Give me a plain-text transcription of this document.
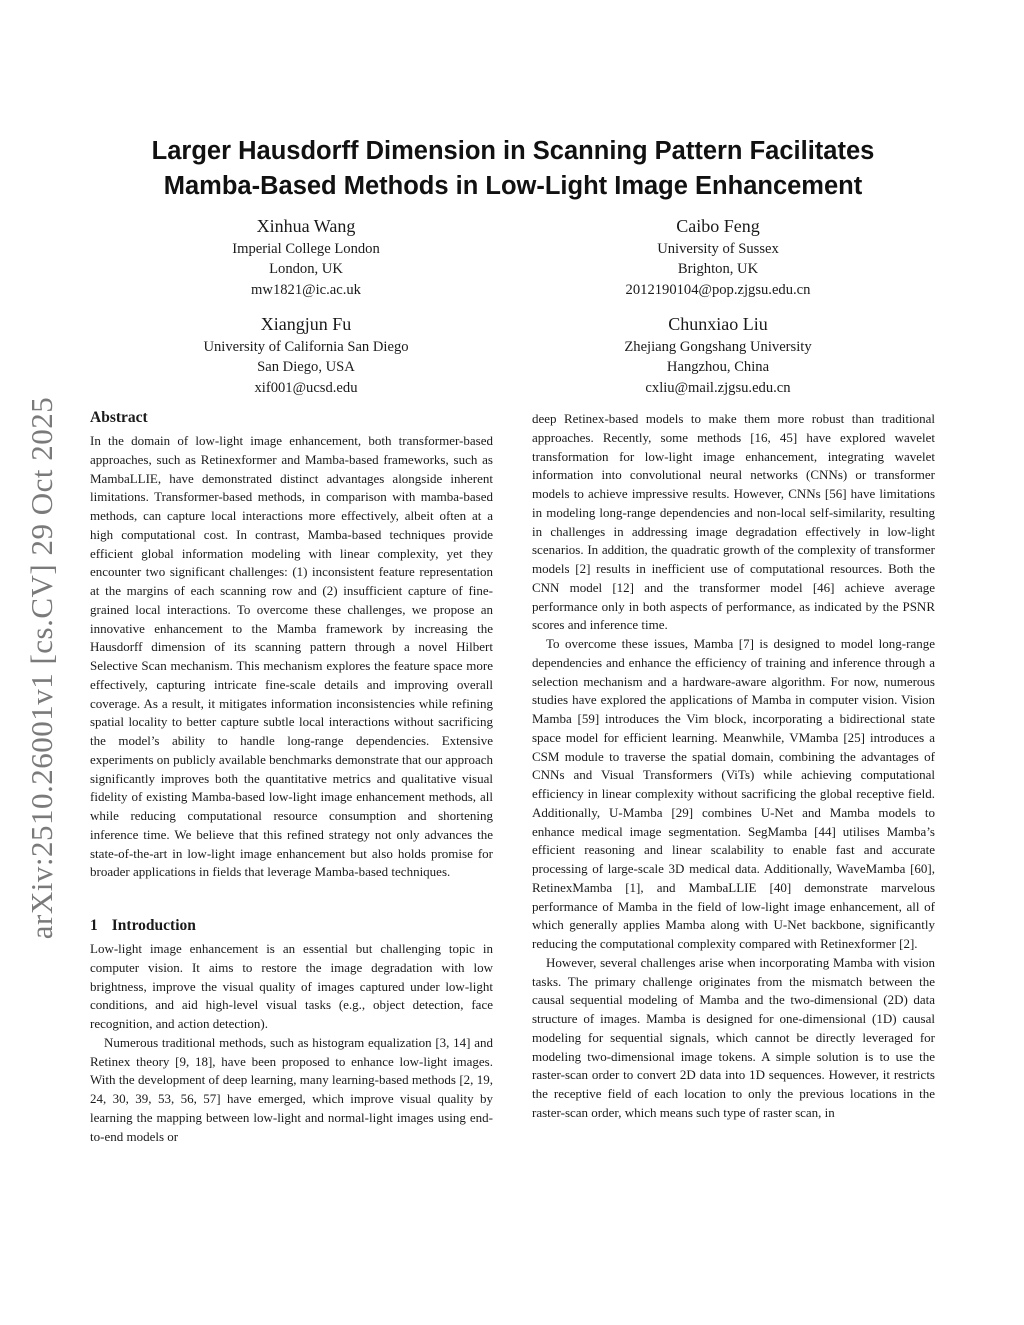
arXiv:2510.26001v1 [cs.CV] 29 Oct 2025
Larger Hausdorff Dimension in Scanning Pattern Facilitates
Mamba-Based Methods in Low-Light Image Enhancement
Xinhua Wang
Imperial College London
London, UK
mw1821@ic.ac.uk
Caibo Feng
University of Sussex
Brighton, UK
2012190104@pop.zjgsu.edu.cn
Xiangjun Fu
University of California San Diego
San Diego, USA
xif001@ucsd.edu
Chunxiao Liu
Zhejiang Gongshang University
Hangzhou, China
cxliu@mail.zjgsu.edu.cn
Abstract

In the domain of low-light image enhancement, both transformer-based approaches, such as Retinexformer and Mamba-based frameworks, such as MambaLLIE, have demonstrated distinct advantages alongside inherent limitations. Transformer-based methods, in comparison with mamba-based methods, can capture local interactions more effectively, albeit often at a high computational cost. In contrast, Mamba-based techniques provide efficient global information modeling with linear complexity, yet they encounter two significant challenges: (1) inconsistent feature representation at the margins of each scanning row and (2) insufficient capture of fine-grained local interactions. To overcome these challenges, we propose an innovative enhancement to the Mamba framework by increasing the Hausdorff dimension of its scanning pattern through a novel Hilbert Selective Scan mechanism. This mechanism explores the feature space more effectively, capturing intricate fine-scale details and improving overall coverage. As a result, it mitigates information inconsistencies while refining spatial locality to better capture subtle local interactions without sacrificing the model’s ability to handle long-range dependencies. Extensive experiments on publicly available benchmarks demonstrate that our approach significantly improves both the quantitative metrics and qualitative visual fidelity of existing Mamba-based low-light image enhancement methods, all while reducing computational resource consumption and shortening inference time. We believe that this refined strategy not only advances the state-of-the-art in low-light image enhancement but also holds promise for broader applications in fields that leverage Mamba-based techniques.

1 Introduction

Low-light image enhancement is an essential but challenging topic in computer vision. It aims to restore the image degradation with low brightness, improve the visual quality of images captured under low-light conditions, and aid high-level visual tasks (e.g., object detection, face recognition, and action detection).

Numerous traditional methods, such as histogram equalization [3, 14] and Retinex theory [9, 18], have been proposed to enhance low-light images. With the development of deep learning, many learning-based methods [2, 19, 24, 30, 39, 53, 56, 57] have emerged, which improve visual quality by learning the mapping between low-light and normal-light images using end-to-end models or

deep Retinex-based models to make them more robust than traditional approaches. Recently, some methods [16, 45] have explored wavelet transformation for low-light image enhancement, integrating wavelet information into convolutional neural networks (CNNs) or transformer models to achieve impressive results. However, CNNs [56] have limitations in modeling long-range dependencies and non-local self-similarity, resulting in challenges in addressing image degradation effectively in low-light scenarios. In addition, the quadratic growth of the complexity of transformer models [2] results in inefficient use of computational resources. Both the CNN model [12] and the transformer model [46] achieve average performance only in both aspects of performance, as indicated by the PSNR scores and inference time.

To overcome these issues, Mamba [7] is designed to model long-range dependencies and enhance the efficiency of training and inference through a selection mechanism and a hardware-aware algorithm. For now, numerous studies have explored the applications of Mamba in computer vision. Vision Mamba [59] introduces the Vim block, incorporating a bidirectional state space model for efficient learning. Meanwhile, VMamba [25] introduces a CSM module to traverse the spatial domain, combining the advantages of CNNs and Visual Transformers (ViTs) while achieving computational efficiency in linear complexity without sacrificing the global receptive field. Additionally, U-Mamba [29] combines U-Net and Mamba models to enhance medical image segmentation. SegMamba [44] utilises Mamba’s efficient reasoning and linear scalability to enable fast and accurate processing of large-scale 3D medical data. Additionally, WaveMamba [60], RetinexMamba [1], and MambaLLIE [40] demonstrate marvelous performance of Mamba in the field of low-light image enhancement, all of which generally applies Mamba along with U-Net backbone, significantly reducing the computational complexity compared with Retinexformer [2].

However, several challenges arise when incorporating Mamba with vision tasks. The primary challenge originates from the mismatch between the causal sequential modeling of Mamba and the two-dimensional (2D) data structure of images. Mamba is designed for one-dimensional (1D) causal modeling for sequential signals, which cannot be directly leveraged for modeling two-dimensional image tokens. A simple solution is to use the raster-scan order to convert 2D data into 1D sequences. However, it restricts the receptive field of each location to only the previous locations in the raster-scan order, which means such type of raster scan, in
